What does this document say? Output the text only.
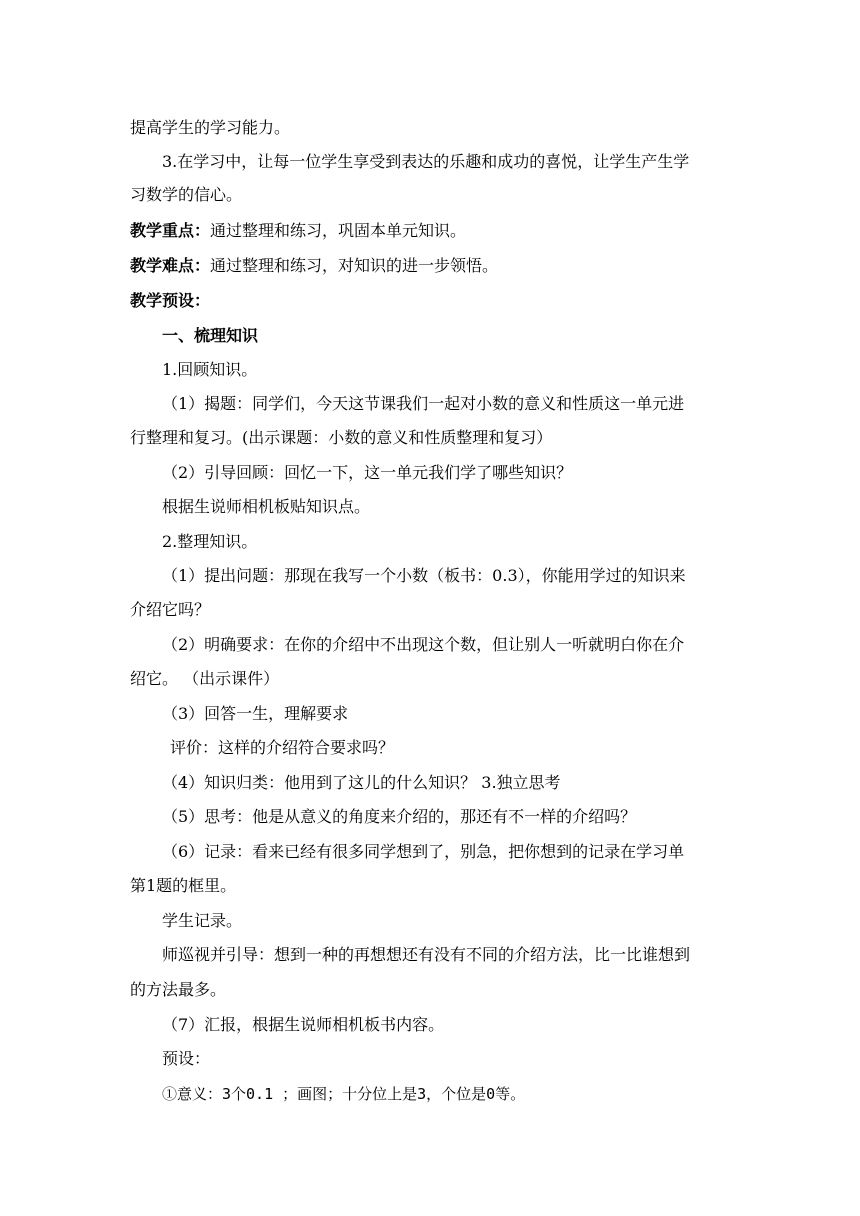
提高学生的学习能力。
3.在学习中，让每一位学生享受到表达的乐趣和成功的喜悦，让学生产生学
习数学的信心。
教学重点：通过整理和练习，巩固本单元知识。
教学难点：通过整理和练习，对知识的进一步领悟。
教学预设：
一、梳理知识
1.回顾知识。
（1）揭题：同学们，今天这节课我们一起对小数的意义和性质这一单元进
行整理和复习。(出示课题：小数的意义和性质整理和复习）
（2）引导回顾：回忆一下，这一单元我们学了哪些知识？
根据生说师相机板贴知识点。
2.整理知识。
（1）提出问题：那现在我写一个小数（板书：0.3），你能用学过的知识来
介绍它吗？
（2）明确要求：在你的介绍中不出现这个数，但让别人一听就明白你在介
绍它。 （出示课件）
（3）回答一生，理解要求
评价：这样的介绍符合要求吗？
（4）知识归类：他用到了这儿的什么知识？ 3.独立思考
（5）思考：他是从意义的角度来介绍的，那还有不一样的介绍吗？
（6）记录：看来已经有很多同学想到了，别急，把你想到的记录在学习单
第1题的框里。
学生记录。
师巡视并引导：想到一种的再想想还有没有不同的介绍方法，比一比谁想到
的方法最多。
（7）汇报，根据生说师相机板书内容。
预设：
①意义：3个0.1 ；画图；十分位上是3，个位是0等。
